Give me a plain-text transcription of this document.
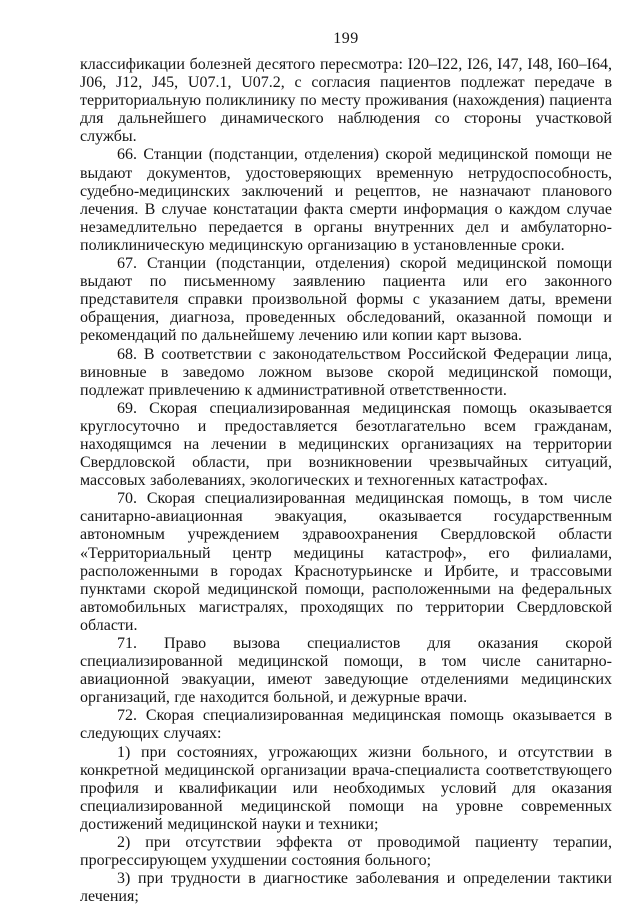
199

классификации болезней десятого пересмотра: I20–I22, I26, I47, I48, I60–I64, J06, J12, J45, U07.1, U07.2, с согласия пациентов подлежат передаче в территориальную поликлинику по месту проживания (нахождения) пациента для дальнейшего динамического наблюдения со стороны участковой службы.

66. Станции (подстанции, отделения) скорой медицинской помощи не выдают документов, удостоверяющих временную нетрудоспособность, судебно-медицинских заключений и рецептов, не назначают планового лечения. В случае констатации факта смерти информация о каждом случае незамедлительно передается в органы внутренних дел и амбулаторно-поликлиническую медицинскую организацию в установленные сроки.

67. Станции (подстанции, отделения) скорой медицинской помощи выдают по письменному заявлению пациента или его законного представителя справки произвольной формы с указанием даты, времени обращения, диагноза, проведенных обследований, оказанной помощи и рекомендаций по дальнейшему лечению или копии карт вызова.

68. В соответствии с законодательством Российской Федерации лица, виновные в заведомо ложном вызове скорой медицинской помощи, подлежат привлечению к административной ответственности.

69. Скорая специализированная медицинская помощь оказывается круглосуточно и предоставляется безотлагательно всем гражданам, находящимся на лечении в медицинских организациях на территории Свердловской области, при возникновении чрезвычайных ситуаций, массовых заболеваниях, экологических и техногенных катастрофах.

70. Скорая специализированная медицинская помощь, в том числе санитарно-авиационная эвакуация, оказывается государственным автономным учреждением здравоохранения Свердловской области «Территориальный центр медицины катастроф», его филиалами, расположенными в городах Краснотурьинске и Ирбите, и трассовыми пунктами скорой медицинской помощи, расположенными на федеральных автомобильных магистралях, проходящих по территории Свердловской области.

71. Право вызова специалистов для оказания скорой специализированной медицинской помощи, в том числе санитарно-авиационной эвакуации, имеют заведующие отделениями медицинских организаций, где находится больной, и дежурные врачи.

72. Скорая специализированная медицинская помощь оказывается в следующих случаях:

1) при состояниях, угрожающих жизни больного, и отсутствии в конкретной медицинской организации врача-специалиста соответствующего профиля и квалификации или необходимых условий для оказания специализированной медицинской помощи на уровне современных достижений медицинской науки и техники;

2) при отсутствии эффекта от проводимой пациенту терапии, прогрессирующем ухудшении состояния больного;

3) при трудности в диагностике заболевания и определении тактики лечения;
